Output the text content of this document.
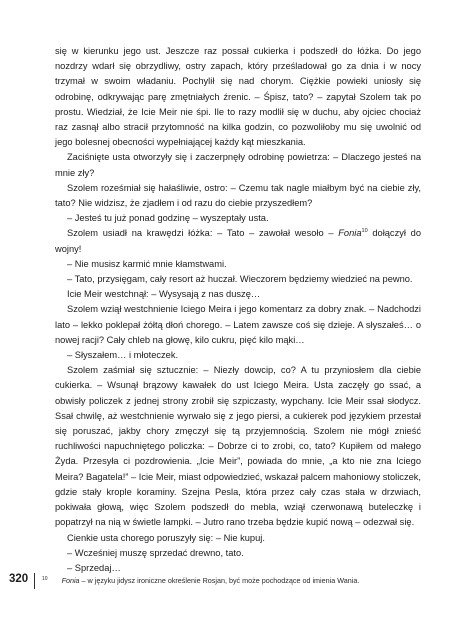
się w kierunku jego ust. Jeszcze raz possał cukierka i podszedł do łóżka. Do jego nozdrzy wdarł się obrzydliwy, ostry zapach, który prześladował go za dnia i w nocy trzymał w swoim władaniu. Pochylił się nad chorym. Ciężkie powieki uniosły się odrobinę, odkrywając parę zmętniałych źrenic. – Śpisz, tato? – zapytał Szolem tak po prostu. Wiedział, że Icie Meir nie śpi. Ile to razy modlił się w duchu, aby ojciec chociaż raz zasnął albo stracił przytomność na kilka godzin, co pozwoliłoby mu się uwolnić od jego bolesnej obecności wypełniającej każdy kąt mieszkania.

Zaciśnięte usta otworzyły się i zaczerpnęły odrobinę powietrza: – Dlaczego jesteś na mnie zły?

Szolem roześmiał się hałaśliwie, ostro: – Czemu tak nagle miałbym być na ciebie zły, tato? Nie widzisz, że zjadłem i od razu do ciebie przyszedłem?

– Jesteś tu już ponad godzinę – wyszeptały usta.

Szolem usiadł na krawędzi łóżka: – Tato – zawołał wesoło – Fonia$^{10}$ dołączył do wojny!

– Nie musisz karmić mnie kłamstwami.

– Tato, przysięgam, cały resort aż huczał. Wieczorem będziemy wiedzieć na pewno.

Icie Meir westchnął: – Wysysają z nas duszę…

Szolem wziął westchnienie Iciego Meira i jego komentarz za dobry znak. – Nadchodzi lato – lekko poklepał żółtą dłoń chorego. – Latem zawsze coś się dzieje. A słyszałeś… o nowej racji? Cały chleb na głowę, kilo cukru, pięć kilo mąki…

– Słyszałem… i młoteczek.

Szolem zaśmiał się sztucznie: – Niezły dowcip, co? A tu przyniosłem dla ciebie cukierka. – Wsunął brązowy kawałek do ust Iciego Meira. Usta zaczęły go ssać, a obwisły policzek z jednej strony zrobił się szpiczasty, wypchany. Icie Meir ssał słodycz. Ssał chwilę, aż westchnienie wyrwało się z jego piersi, a cukierek pod językiem przestał się poruszać, jakby chory zmęczył się tą przyjemnością. Szolem nie mógł znieść ruchliwości napuchniętego policzka: – Dobrze ci to zrobi, co, tato? Kupiłem od małego Żyda. Przesyła ci pozdrowienia. „Icie Meir”, powiada do mnie, „a kto nie zna Iciego Meira? Bagatela!” – Icie Meir, miast odpowiedzieć, wskazał palcem mahoniowy stoliczek, gdzie stały krople koraminy. Szejna Pesla, która przez cały czas stała w drzwiach, pokiwała głową, więc Szolem podszedł do mebla, wziął czerwonawą buteleczkę i popatrzył na nią w świetle lampki. – Jutro rano trzeba będzie kupić nową – odezwał się.

Cienkie usta chorego poruszyły się: – Nie kupuj.

– Wcześniej muszę sprzedać drewno, tato.

– Sprzedaj…

320	$^{10}$ Fonia – w języku jidysz ironiczne określenie Rosjan, być może pochodzące od imienia Wania.
